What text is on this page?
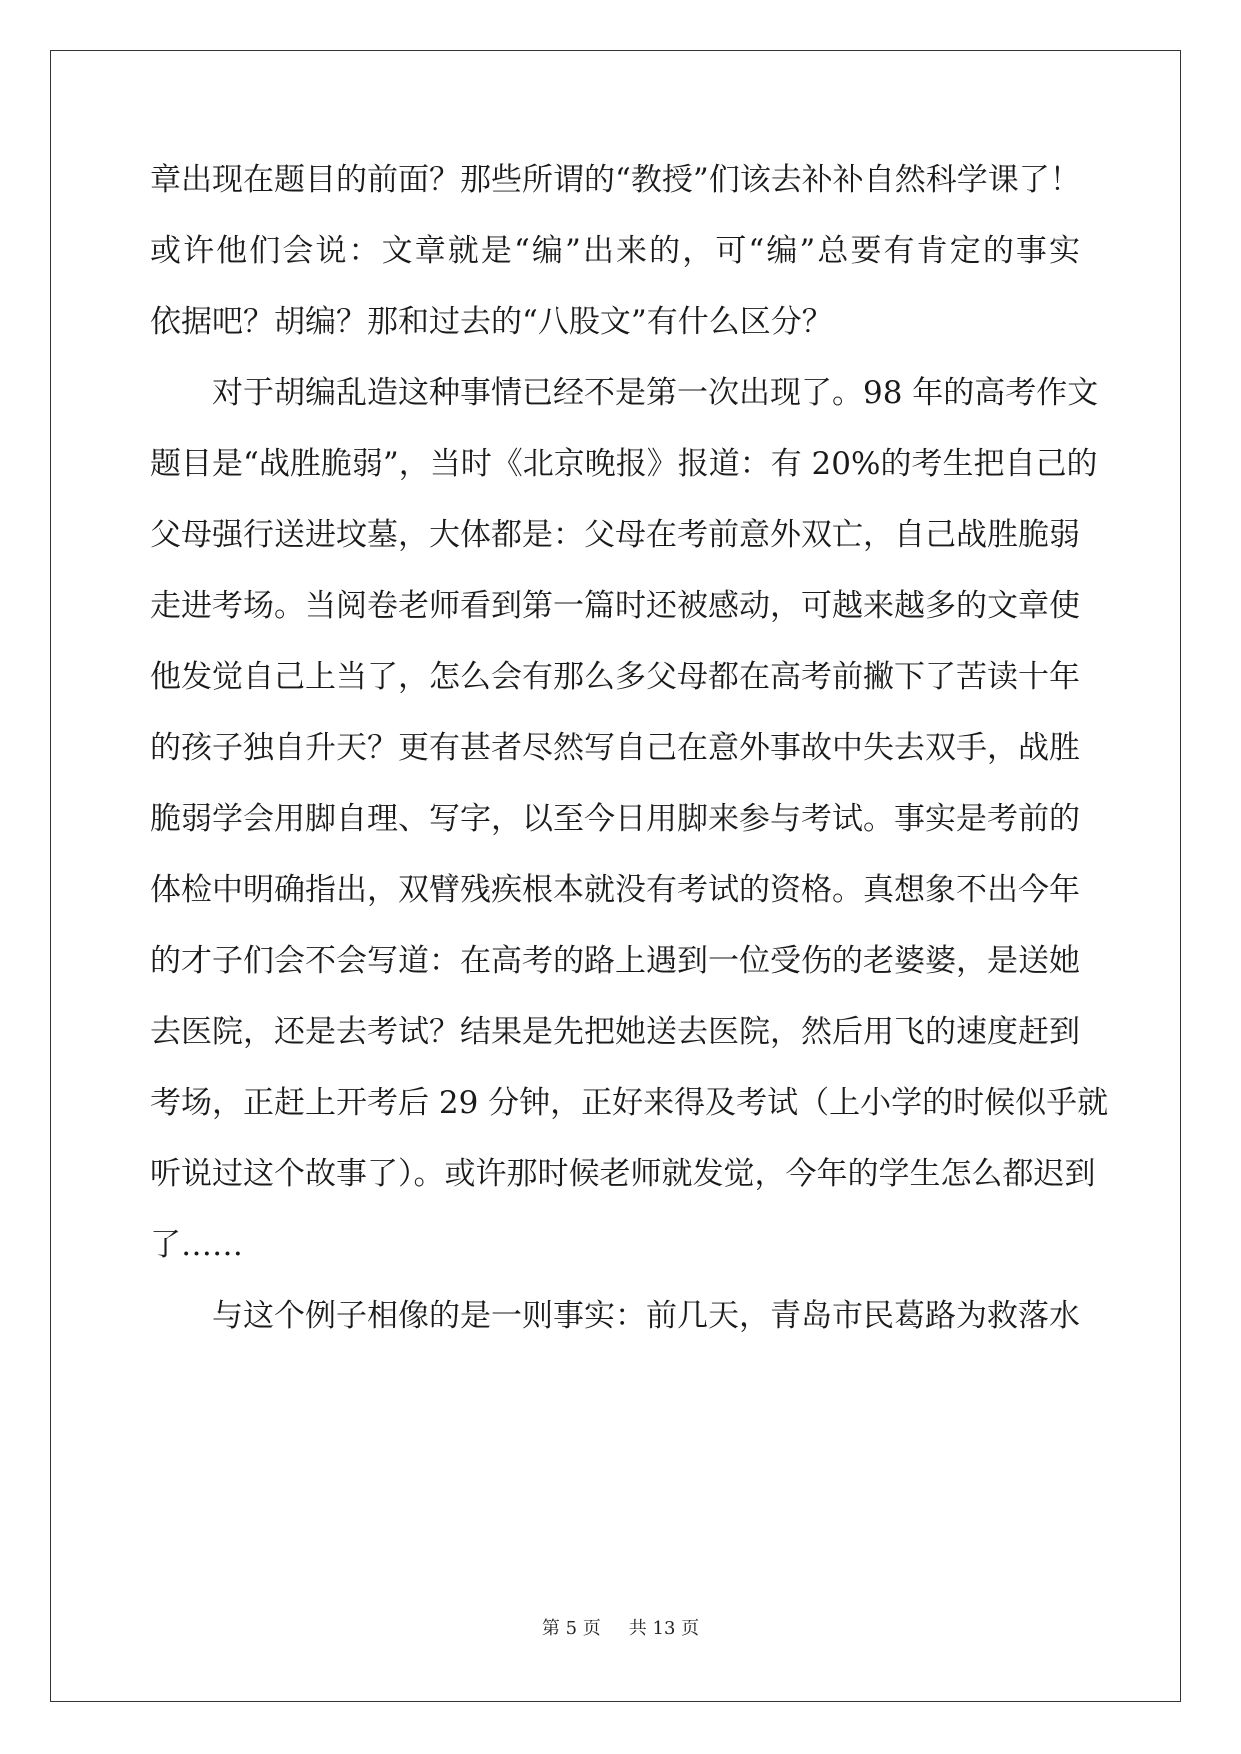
章出现在题目的前面？那些所谓的“教授”们该去补补自然科学课了！
或许他们会说：文章就是“编”出来的，可“编”总要有肯定的事实
依据吧？胡编？那和过去的“八股文”有什么区分？
对于胡编乱造这种事情已经不是第一次出现了。98 年的高考作文
题目是“战胜脆弱”，当时《北京晚报》报道：有 20%的考生把自己的
父母强行送进坟墓，大体都是：父母在考前意外双亡，自己战胜脆弱
走进考场。当阅卷老师看到第一篇时还被感动，可越来越多的文章使
他发觉自己上当了，怎么会有那么多父母都在高考前撇下了苦读十年
的孩子独自升天？更有甚者尽然写自己在意外事故中失去双手，战胜
脆弱学会用脚自理、写字，以至今日用脚来参与考试。事实是考前的
体检中明确指出，双臂残疾根本就没有考试的资格。真想象不出今年
的才子们会不会写道：在高考的路上遇到一位受伤的老婆婆，是送她
去医院，还是去考试？结果是先把她送去医院，然后用飞的速度赶到
考场，正赶上开考后 29 分钟，正好来得及考试（上小学的时候似乎就
听说过这个故事了）。或许那时候老师就发觉，今年的学生怎么都迟到
了……
与这个例子相像的是一则事实：前几天，青岛市民葛路为救落水
第 5 页 共 13 页
